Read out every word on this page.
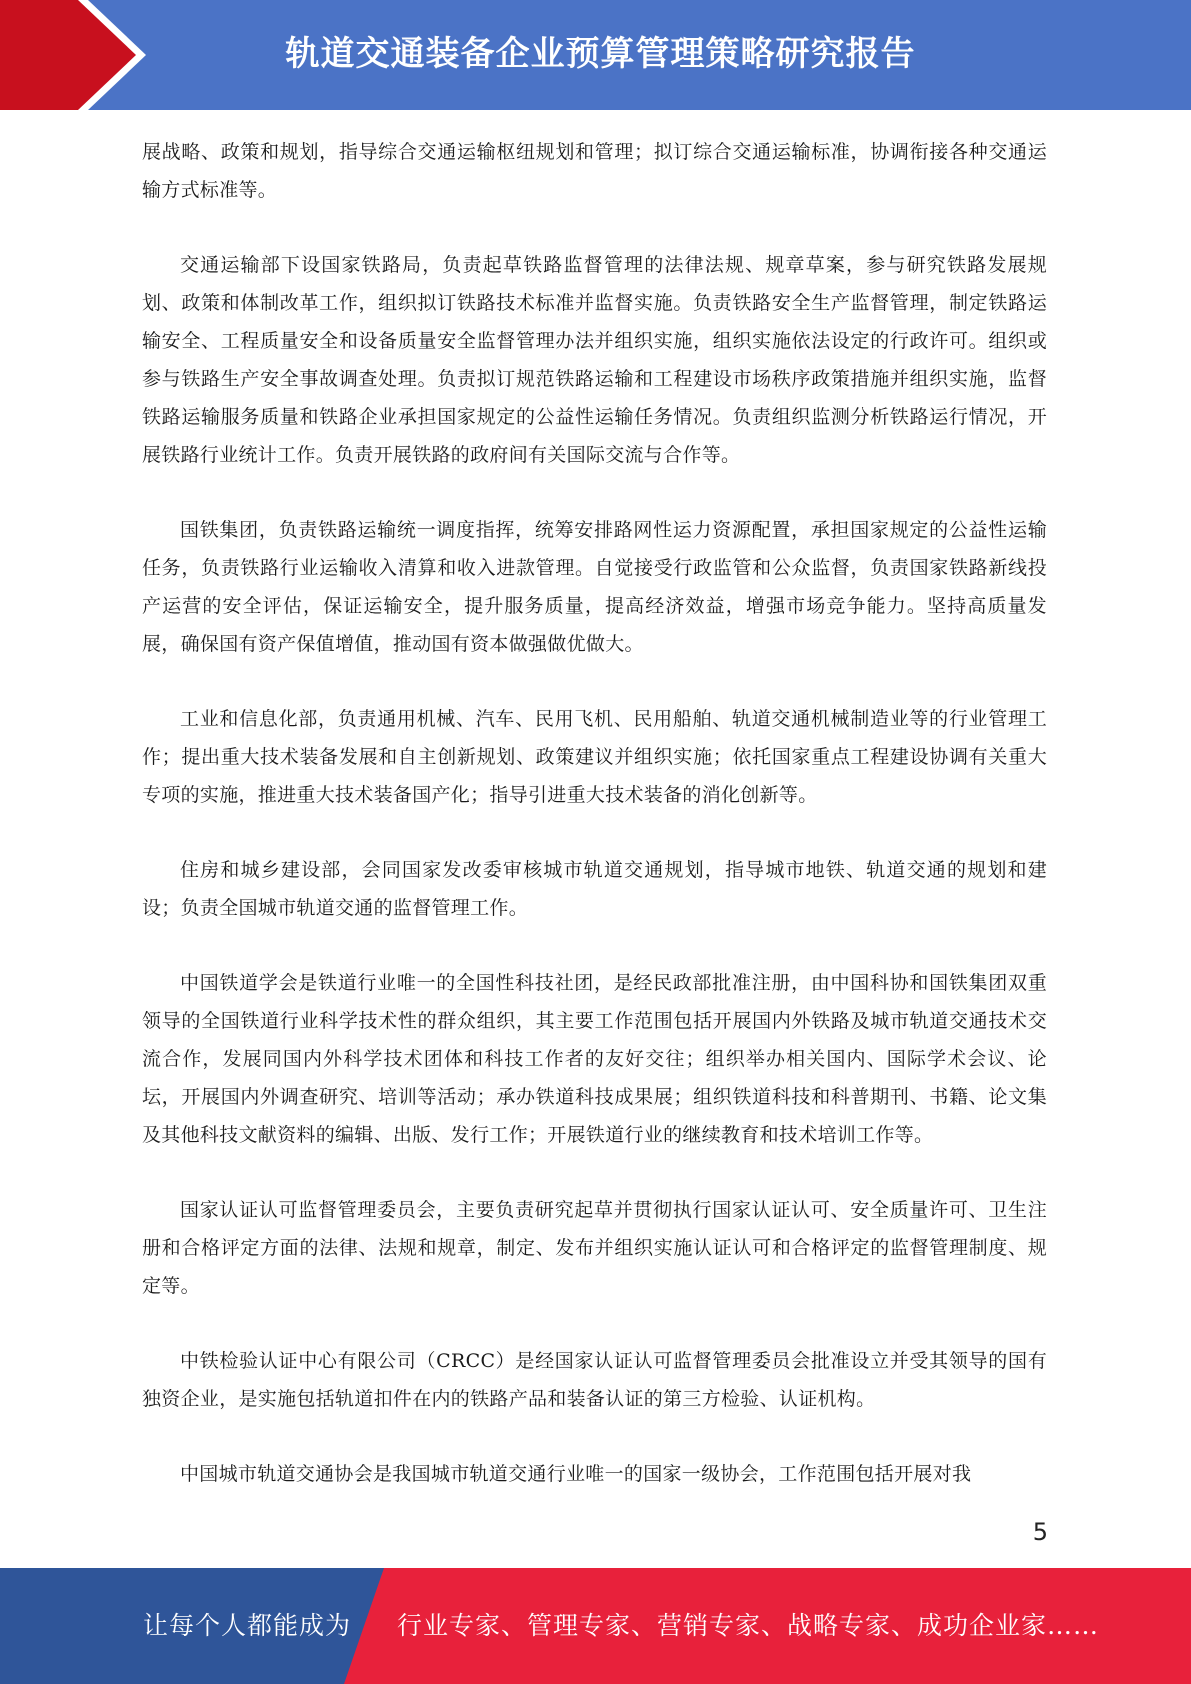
轨道交通装备企业预算管理策略研究报告

展战略、政策和规划，指导综合交通运输枢纽规划和管理；拟订综合交通运输标准，协调衔接各种交通运输方式标准等。

交通运输部下设国家铁路局，负责起草铁路监督管理的法律法规、规章草案，参与研究铁路发展规划、政策和体制改革工作，组织拟订铁路技术标准并监督实施。负责铁路安全生产监督管理，制定铁路运输安全、工程质量安全和设备质量安全监督管理办法并组织实施，组织实施依法设定的行政许可。组织或参与铁路生产安全事故调查处理。负责拟订规范铁路运输和工程建设市场秩序政策措施并组织实施，监督铁路运输服务质量和铁路企业承担国家规定的公益性运输任务情况。负责组织监测分析铁路运行情况，开展铁路行业统计工作。负责开展铁路的政府间有关国际交流与合作等。

国铁集团，负责铁路运输统一调度指挥，统筹安排路网性运力资源配置，承担国家规定的公益性运输任务，负责铁路行业运输收入清算和收入进款管理。自觉接受行政监管和公众监督，负责国家铁路新线投产运营的安全评估，保证运输安全，提升服务质量，提高经济效益，增强市场竞争能力。坚持高质量发展，确保国有资产保值增值，推动国有资本做强做优做大。

工业和信息化部，负责通用机械、汽车、民用飞机、民用船舶、轨道交通机械制造业等的行业管理工作；提出重大技术装备发展和自主创新规划、政策建议并组织实施；依托国家重点工程建设协调有关重大专项的实施，推进重大技术装备国产化；指导引进重大技术装备的消化创新等。

住房和城乡建设部，会同国家发改委审核城市轨道交通规划，指导城市地铁、轨道交通的规划和建设；负责全国城市轨道交通的监督管理工作。

中国铁道学会是铁道行业唯一的全国性科技社团，是经民政部批准注册，由中国科协和国铁集团双重领导的全国铁道行业科学技术性的群众组织，其主要工作范围包括开展国内外铁路及城市轨道交通技术交流合作，发展同国内外科学技术团体和科技工作者的友好交往；组织举办相关国内、国际学术会议、论坛，开展国内外调查研究、培训等活动；承办铁道科技成果展；组织铁道科技和科普期刊、书籍、论文集及其他科技文献资料的编辑、出版、发行工作；开展铁道行业的继续教育和技术培训工作等。

国家认证认可监督管理委员会，主要负责研究起草并贯彻执行国家认证认可、安全质量许可、卫生注册和合格评定方面的法律、法规和规章，制定、发布并组织实施认证认可和合格评定的监督管理制度、规定等。

中铁检验认证中心有限公司（CRCC）是经国家认证认可监督管理委员会批准设立并受其领导的国有独资企业，是实施包括轨道扣件在内的铁路产品和装备认证的第三方检验、认证机构。

中国城市轨道交通协会是我国城市轨道交通行业唯一的国家一级协会，工作范围包括开展对我

5
让每个人都能成为 行业专家、管理专家、营销专家、战略专家、成功企业家……
